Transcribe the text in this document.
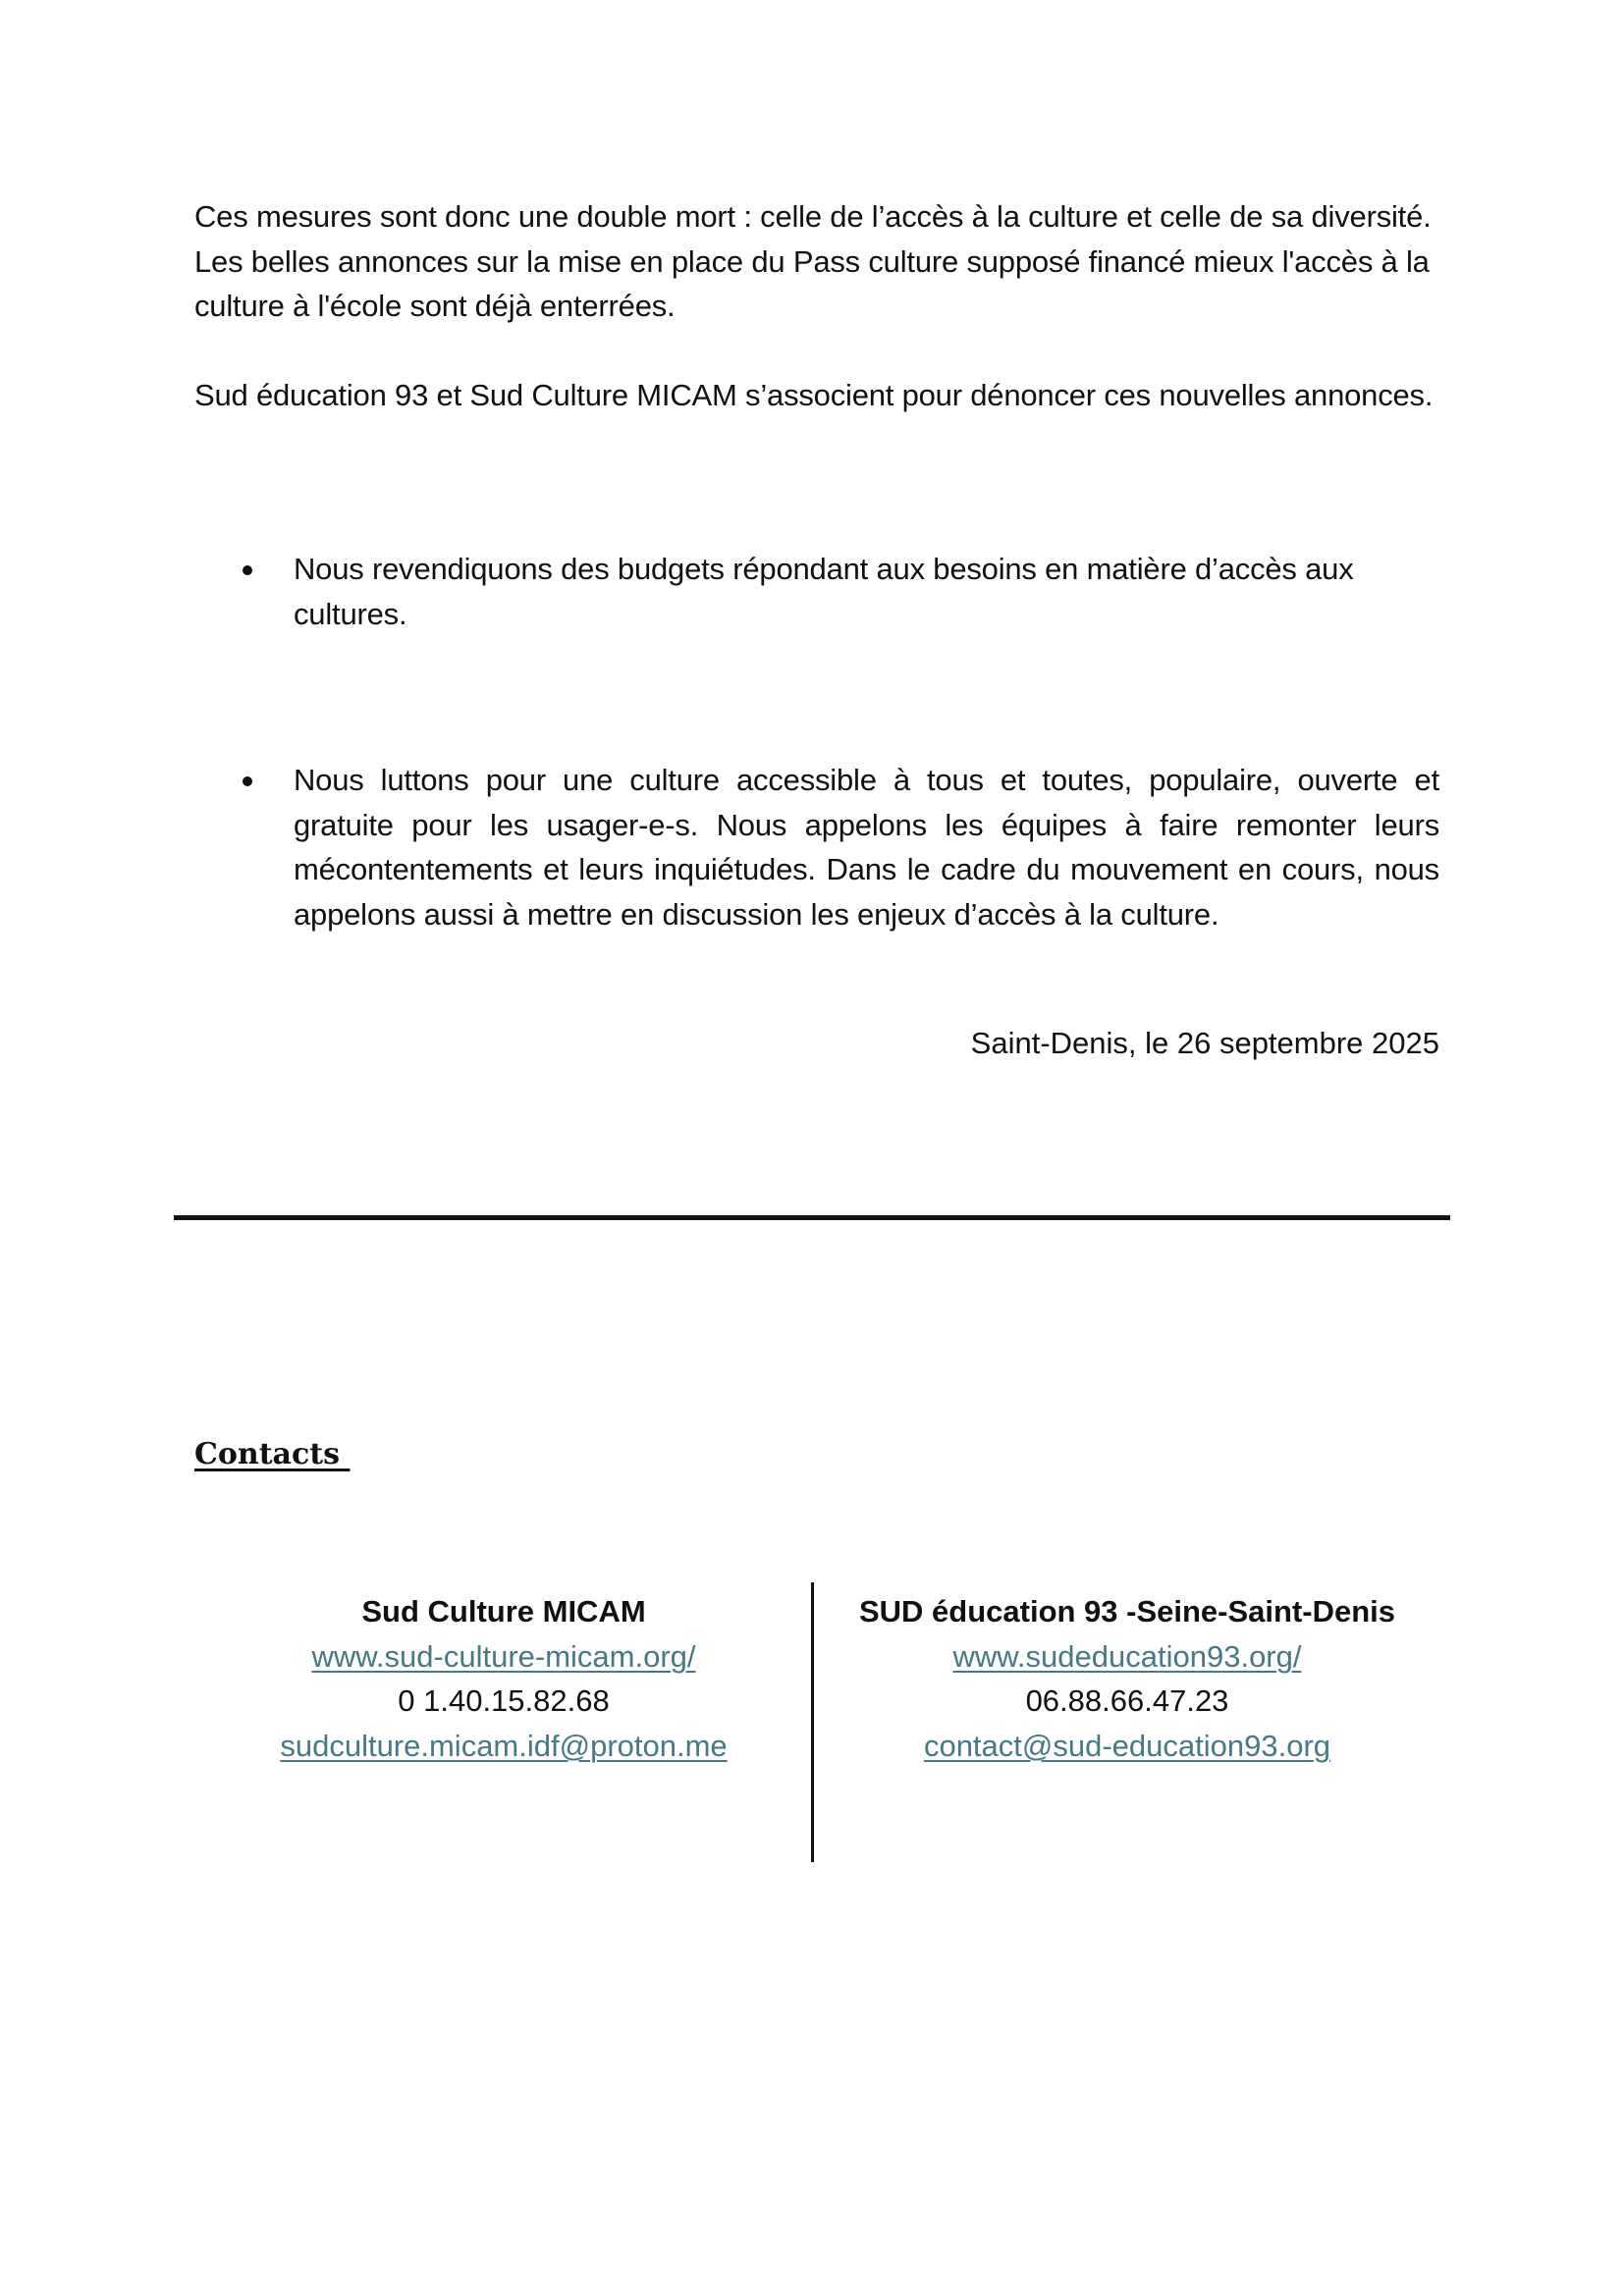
Ces mesures sont donc une double mort : celle de l’accès à la culture et celle de sa diversité. Les belles annonces sur la mise en place du Pass culture supposé financé mieux l'accès à la culture à l'école sont déjà enterrées.

Sud éducation 93 et Sud Culture MICAM s’associent pour dénoncer ces nouvelles annonces.

Nous revendiquons des budgets répondant aux besoins en matière d’accès aux cultures.
Nous luttons pour une culture accessible à tous et toutes, populaire, ouverte et gratuite pour les usager-e-s. Nous appelons les équipes à faire remonter leurs mécontentements et leurs inquiétudes. Dans le cadre du mouvement en cours, nous appelons aussi à mettre en discussion les enjeux d’accès à la culture.

Saint-Denis, le 26 septembre 2025

Contacts
Sud Culture MICAM
www.sud-culture-micam.org/
0 1.40.15.82.68
sudculture.micam.idf@proton.me
SUD éducation 93 -Seine-Saint-Denis
www.sudeducation93.org/
06.88.66.47.23
contact@sud-education93.org
